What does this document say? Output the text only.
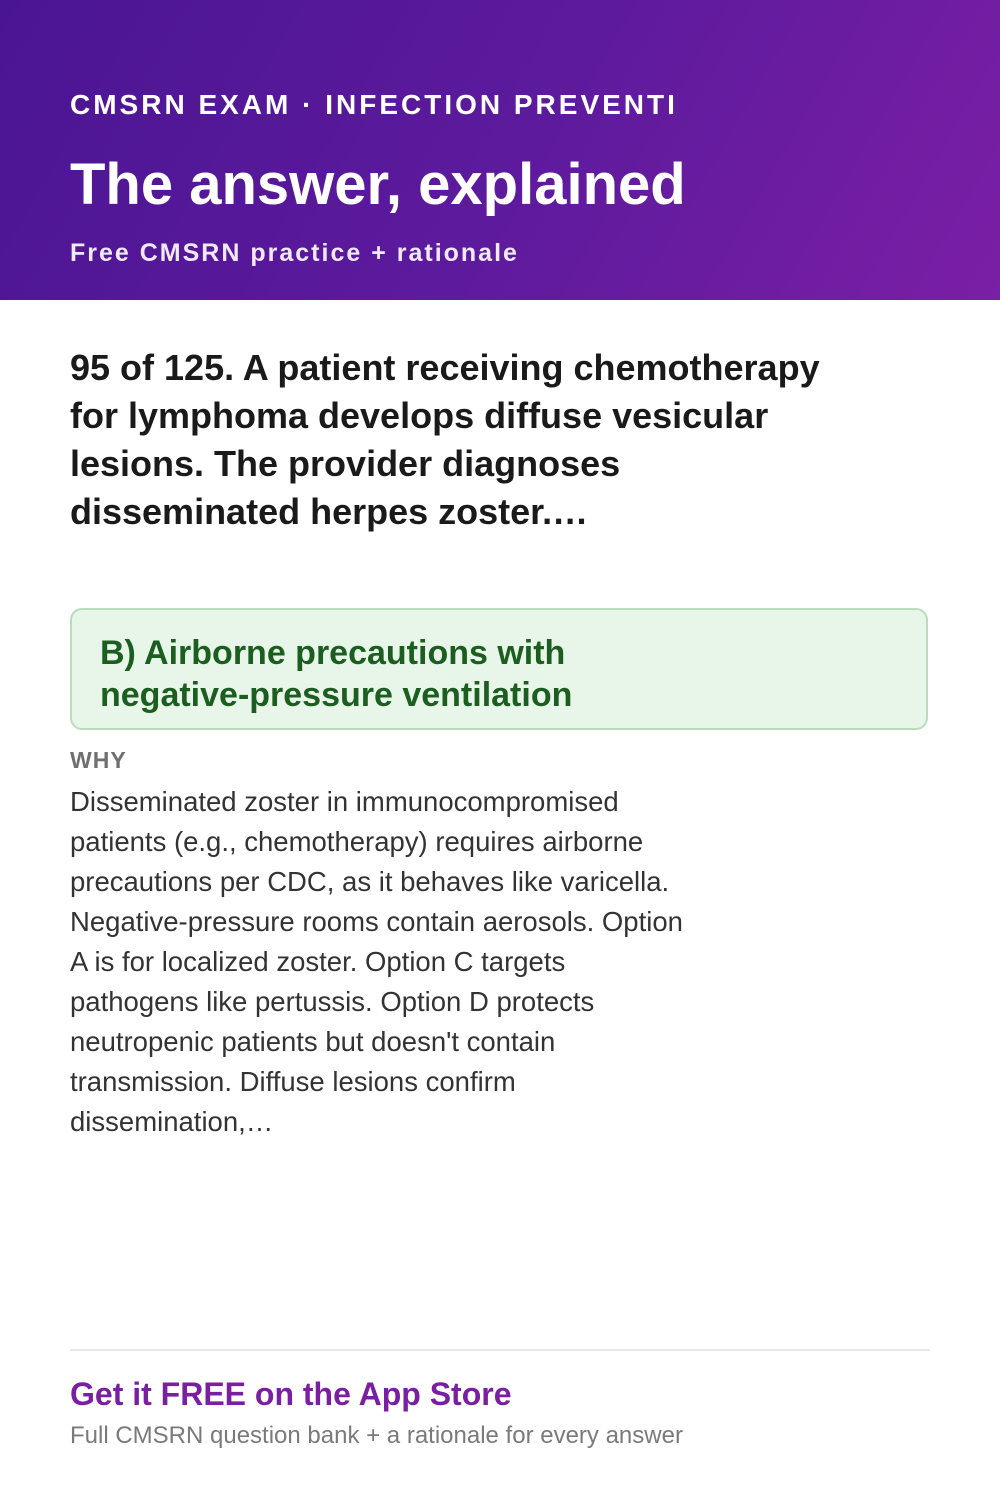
CMSRN EXAM · INFECTION PREVENTI
The answer, explained
Free CMSRN practice + rationale
95 of 125. A patient receiving chemotherapy for lymphoma develops diffuse vesicular lesions. The provider diagnoses disseminated herpes zoster.…
B) Airborne precautions with negative-pressure ventilation
WHY
Disseminated zoster in immunocompromised patients (e.g., chemotherapy) requires airborne precautions per CDC, as it behaves like varicella. Negative-pressure rooms contain aerosols. Option A is for localized zoster. Option C targets pathogens like pertussis. Option D protects neutropenic patients but doesn't contain transmission. Diffuse lesions confirm dissemination,…
Get it FREE on the App Store
Full CMSRN question bank + a rationale for every answer
